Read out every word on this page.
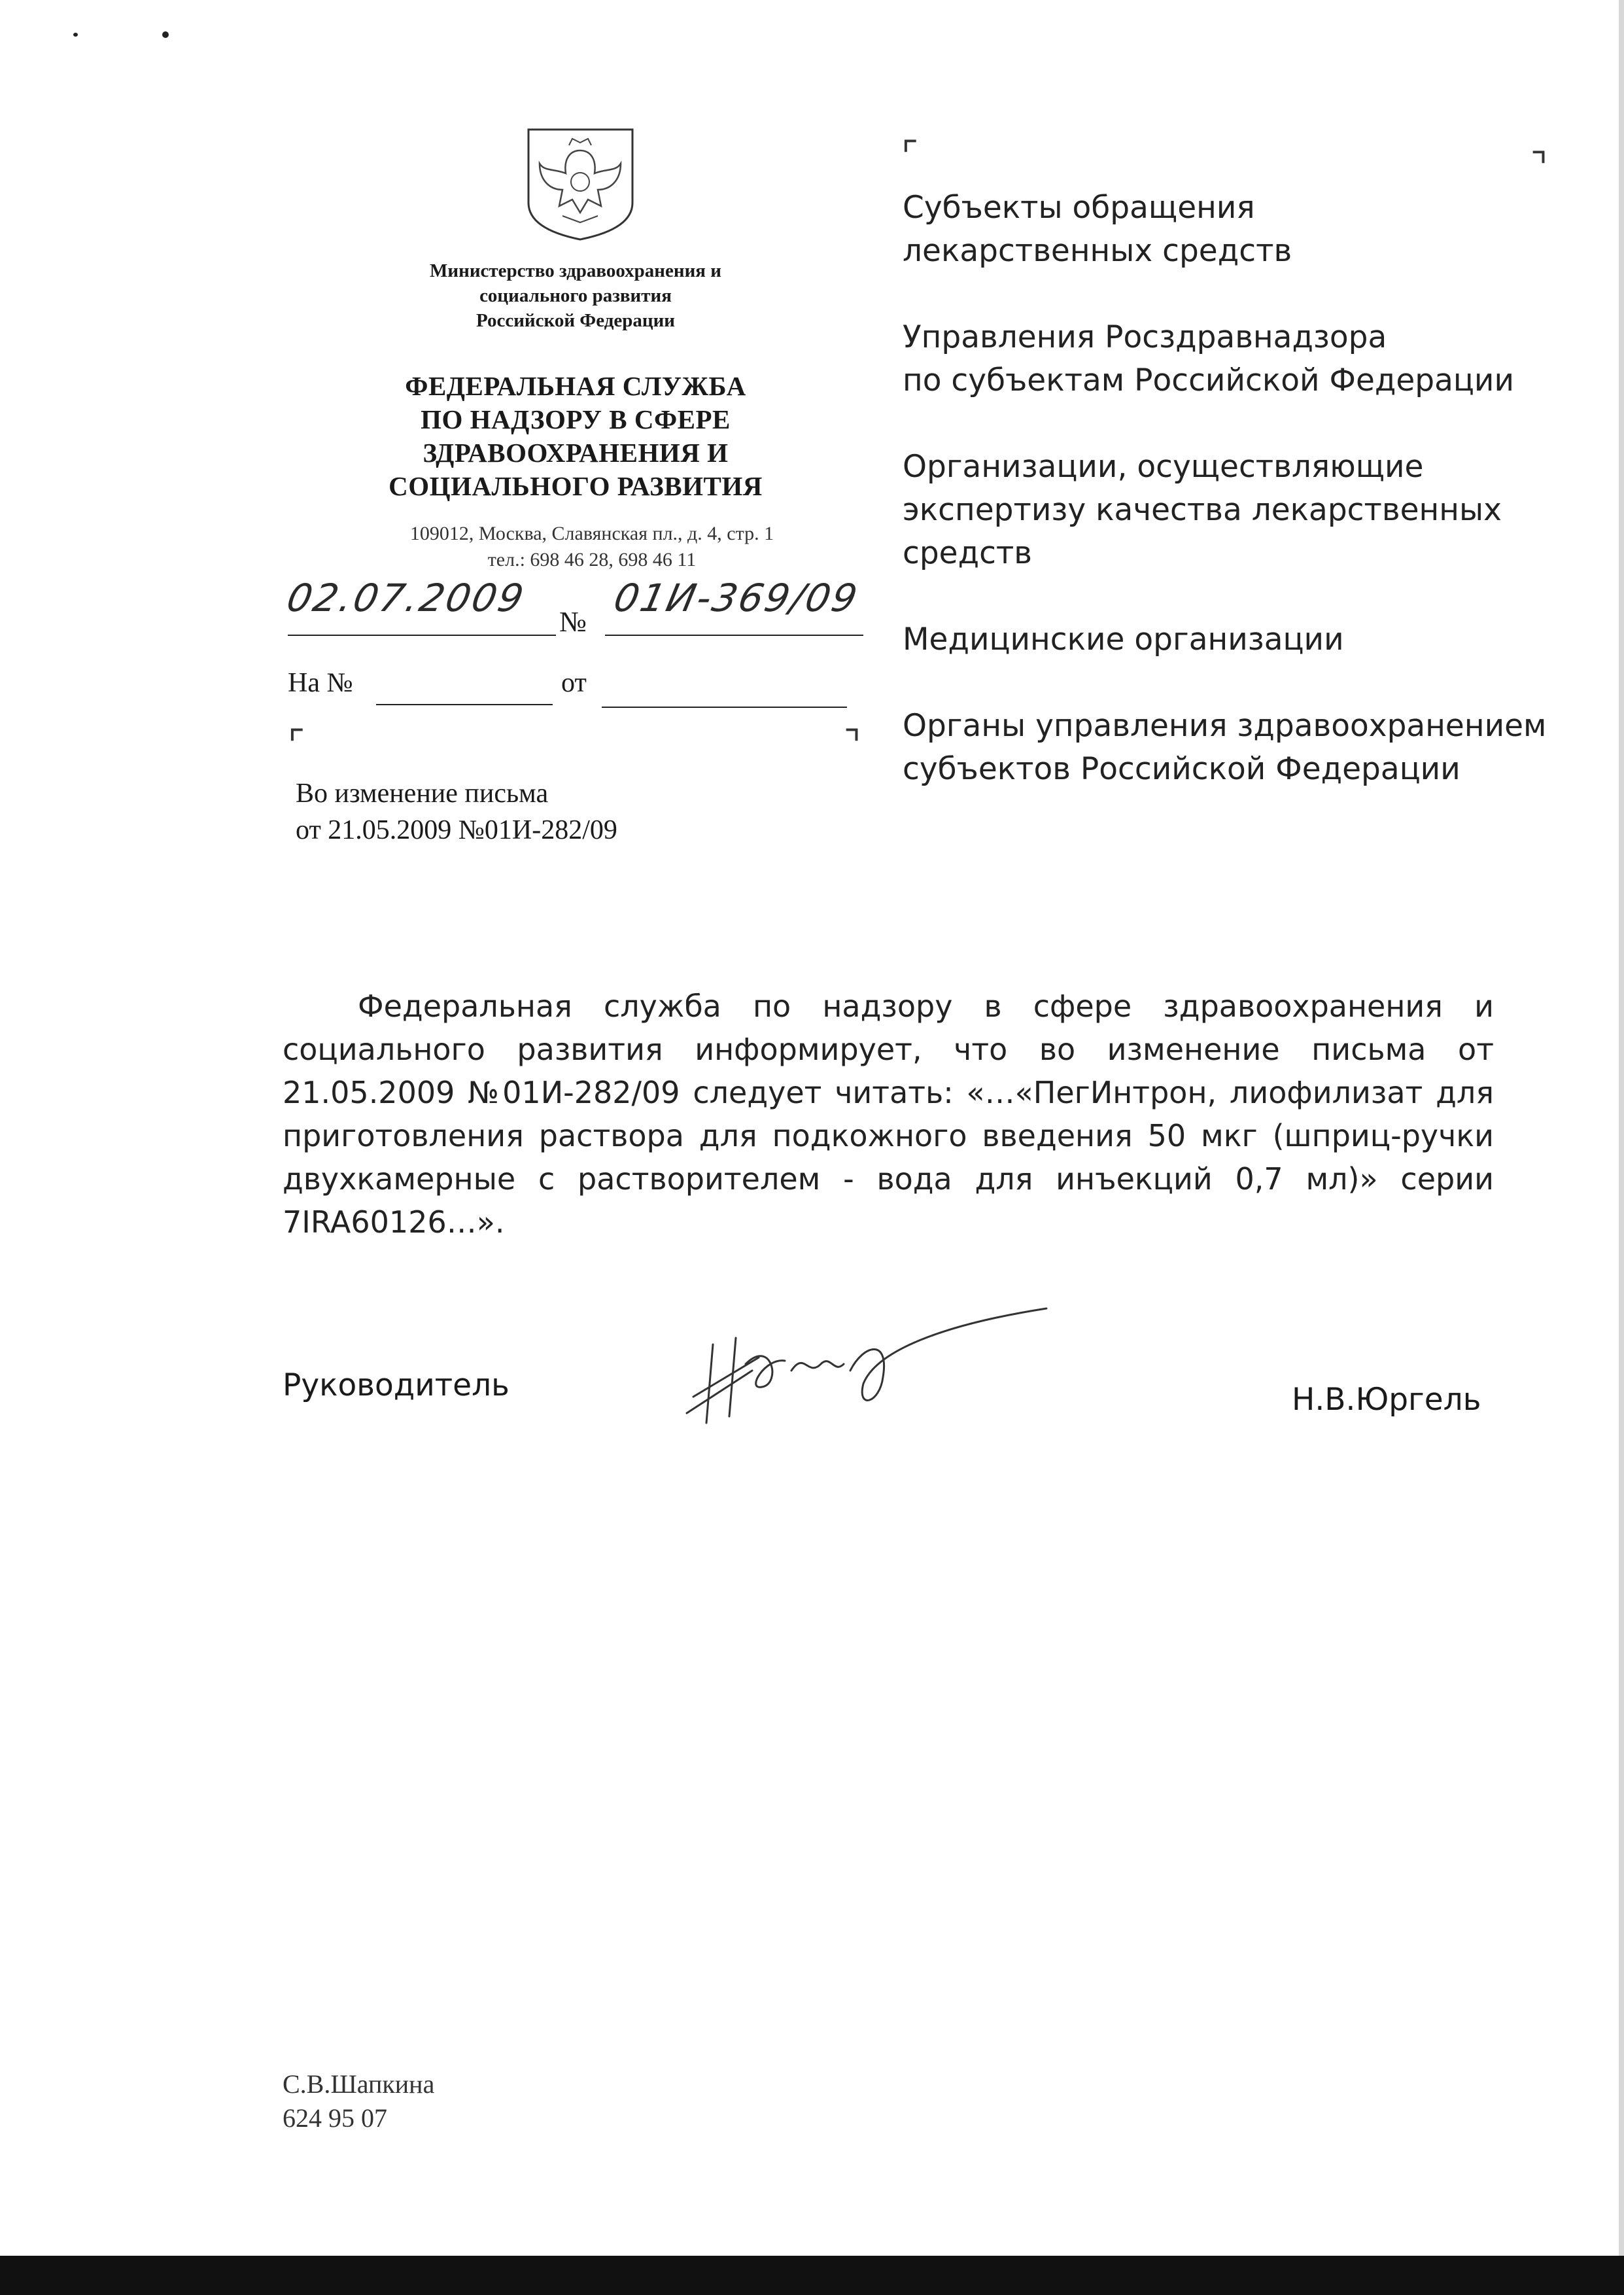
Министерство здравоохранения и
социального развития
Российской Федерации
ФЕДЕРАЛЬНАЯ СЛУЖБА
ПО НАДЗОРУ В СФЕРЕ
ЗДРАВООХРАНЕНИЯ И
СОЦИАЛЬНОГО РАЗВИТИЯ
109012, Москва, Славянская пл., д. 4, стр. 1
тел.: 698 46 28, 698 46 11
02.07.2009
№
01И-369/09
На №	от
⌜	⌝
⌜	⌝
Во изменение письма
от 21.05.2009 №01И-282/09
Субъекты обращения
лекарственных средств
Управления Росздравнадзора
по субъектам Российской Федерации
Организации, осуществляющие
экспертизу качества лекарственных
средств
Медицинские организации
Органы управления здравоохранением
субъектов Российской Федерации
Федеральная служба по надзору в сфере здравоохранения и социального развития информирует, что во изменение письма от 21.05.2009 №01И-282/09 следует читать: «…«ПегИнтрон, лиофилизат для приготовления раствора для подкожного введения 50 мкг (шприц-ручки двухкамерные с растворителем - вода для инъекций 0,7 мл)» серии 7IRA60126…».
Руководитель	Н.В.Юргель
С.В.Шапкина
624 95 07
